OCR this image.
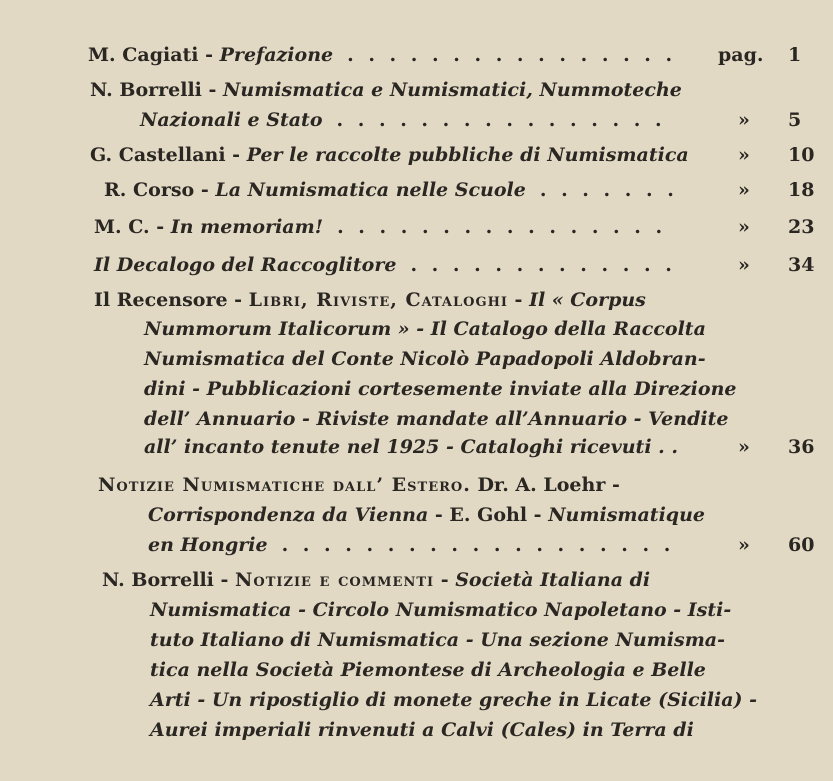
M. Cagiati - Prefazione . . . . . . . . . . . . . . . . pag. 1
N. Borrelli - Numismatica e Numismatici, Nummoteche
Nazionali e Stato . . . . . . . . . . . . . . . .	» 5
G. Castellani - Per le raccolte pubbliche di Numismatica	» 10
R. Corso - La Numismatica nelle Scuole . . . . . . .	» 18
M. C. - In memoriam! . . . . . . . . . . . . . . . .	» 23
Il Decalogo del Raccoglitore . . . . . . . . . . . . .	» 34
Il Recensore - Libri, Riviste, Cataloghi - Il « Corpus
Nummorum Italicorum » - Il Catalogo della Raccolta
Numismatica del Conte Nicolò Papadopoli Aldobran-
dini - Pubblicazioni cortesemente inviate alla Direzione
dell’ Annuario - Riviste mandate all’Annuario - Vendite
all’ incanto tenute nel 1925 - Cataloghi ricevuti . .	» 36
Notizie Numismatiche dall’ Estero. Dr. A. Loehr -
Corrispondenza da Vienna - E. Gohl - Numismatique
en Hongrie . . . . . . . . . . . . . . . . . . .	» 60
N. Borrelli - Notizie e commenti - Società Italiana di
Numismatica - Circolo Numismatico Napoletano - Isti-
tuto Italiano di Numismatica - Una sezione Numisma-
tica nella Società Piemontese di Archeologia e Belle
Arti - Un ripostiglio di monete greche in Licate (Sicilia) -
Aurei imperiali rinvenuti a Calvi (Cales) in Terra di
